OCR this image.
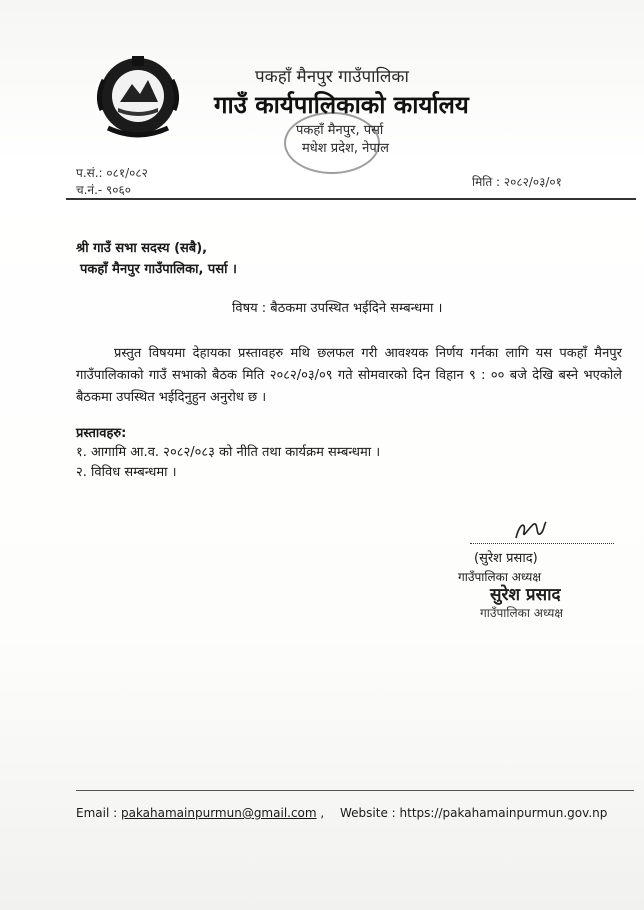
पकहाँ मैनपुर गाउँपालिका
गाउँ कार्यपालिकाको कार्यालय
पकहाँ मैनपुर, पर्सा
मधेश प्रदेश, नेपाल
प.सं.: ०८१/०८२
च.नं.- ९०६०
मिति : २०८२/०३/०१
श्री गाउँ सभा सदस्य (सबै),
पकहाँ मैनपुर गाउँपालिका, पर्सा ।
विषय : बैठकमा उपस्थित भईदिने सम्बन्धमा ।
प्रस्तुत विषयमा देहायका प्रस्तावहरु मथि छलफल गरी आवश्यक निर्णय गर्नका लागि यस पकहाँ मैनपुर गाउँपालिकाको गाउँ सभाको बैठक मिति २०८२/०३/०९ गते सोमवारको दिन विहान ९ : ०० बजे देखि बस्ने भएकोले बैठकमा उपस्थित भईदिनुहुन अनुरोध छ ।
प्रस्तावहरु:
१. आगामि आ.व. २०८२/०८३ को नीति तथा कार्यक्रम सम्बन्धमा ।
२. विविध सम्बन्धमा ।
(सुरेश प्रसाद)
गाउँपालिका अध्यक्ष
सुरेश प्रसाद
गाउँपालिका अध्यक्ष
Email : pakahamainpurmun@gmail.com , Website : https://pakahamainpurmun.gov.np
